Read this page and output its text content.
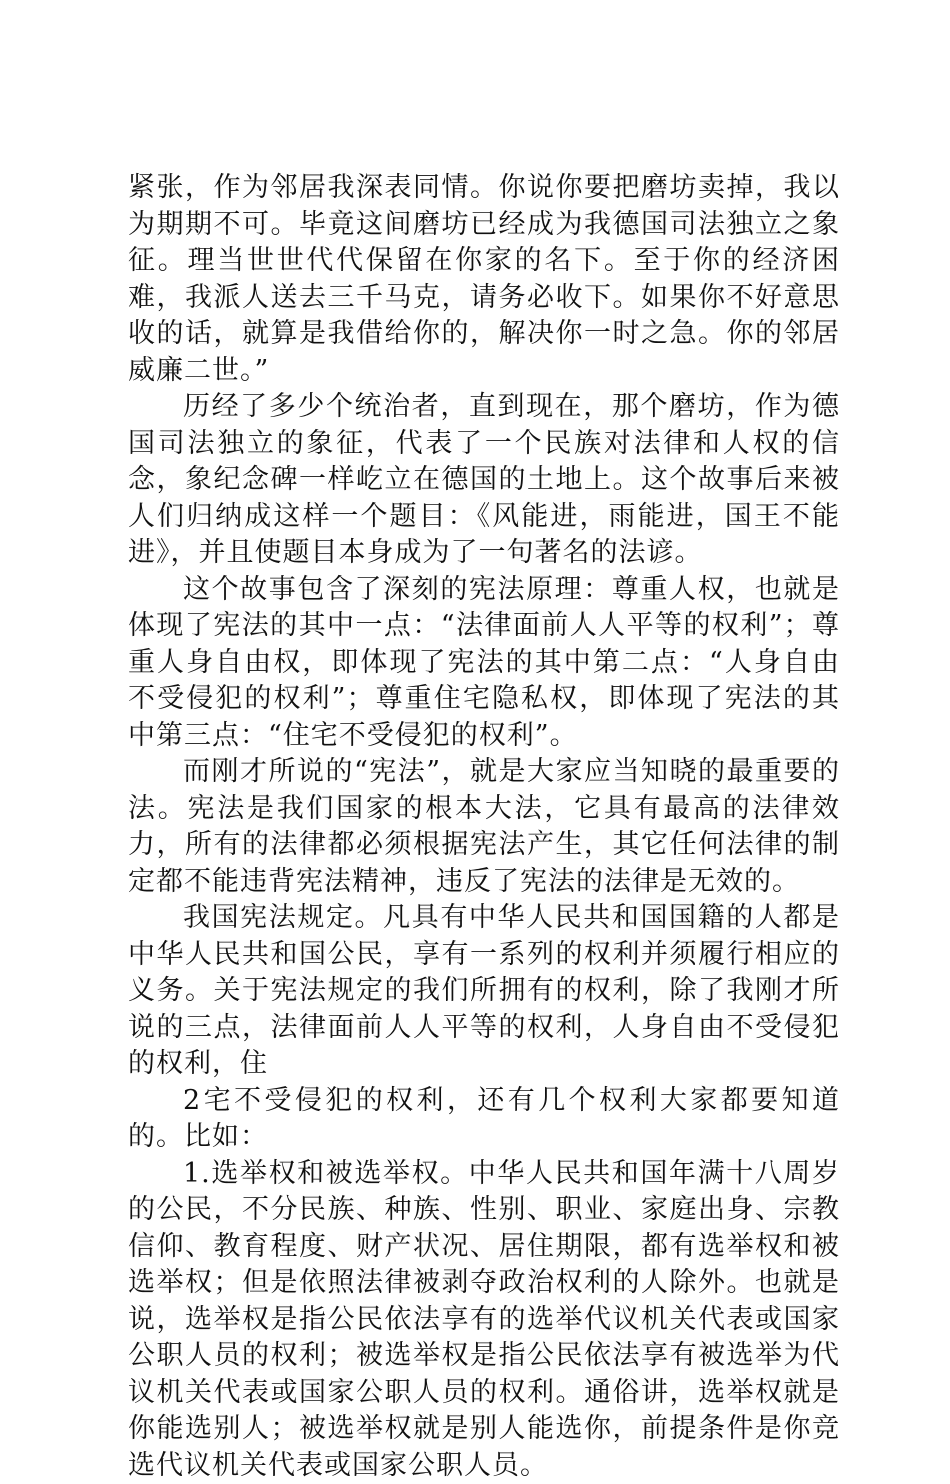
紧张，作为邻居我深表同情。你说你要把磨坊卖掉，我以为期期不可。毕竟这间磨坊已经成为我德国司法独立之象征。理当世世代代保留在你家的名下。至于你的经济困难，我派人送去三千马克，请务必收下。如果你不好意思收的话，就算是我借给你的，解决你一时之急。你的邻居威廉二世。”

历经了多少个统治者，直到现在，那个磨坊，作为德国司法独立的象征，代表了一个民族对法律和人权的信念，象纪念碑一样屹立在德国的土地上。这个故事后来被人们归纳成这样一个题目：《风能进，雨能进，国王不能进》，并且使题目本身成为了一句著名的法谚。

这个故事包含了深刻的宪法原理：尊重人权，也就是体现了宪法的其中一点：“法律面前人人平等的权利”；尊重人身自由权，即体现了宪法的其中第二点：“人身自由不受侵犯的权利”；尊重住宅隐私权，即体现了宪法的其中第三点：“住宅不受侵犯的权利”。

而刚才所说的“宪法”，就是大家应当知晓的最重要的法。宪法是我们国家的根本大法，它具有最高的法律效力，所有的法律都必须根据宪法产生，其它任何法律的制定都不能违背宪法精神，违反了宪法的法律是无效的。

我国宪法规定。凡具有中华人民共和国国籍的人都是中华人民共和国公民，享有一系列的权利并须履行相应的义务。关于宪法规定的我们所拥有的权利，除了我刚才所说的三点，法律面前人人平等的权利，人身自由不受侵犯的权利，住

2宅不受侵犯的权利，还有几个权利大家都要知道的。比如：

1.选举权和被选举权。中华人民共和国年满十八周岁的公民，不分民族、种族、性别、职业、家庭出身、宗教信仰、教育程度、财产状况、居住期限，都有选举权和被选举权；但是依照法律被剥夺政治权利的人除外。也就是说，选举权是指公民依法享有的选举代议机关代表或国家公职人员的权利；被选举权是指公民依法享有被选举为代议机关代表或国家公职人员的权利。通俗讲，选举权就是你能选别人；被选举权就是别人能选你，前提条件是你竞选代议机关代表或国家公职人员。
